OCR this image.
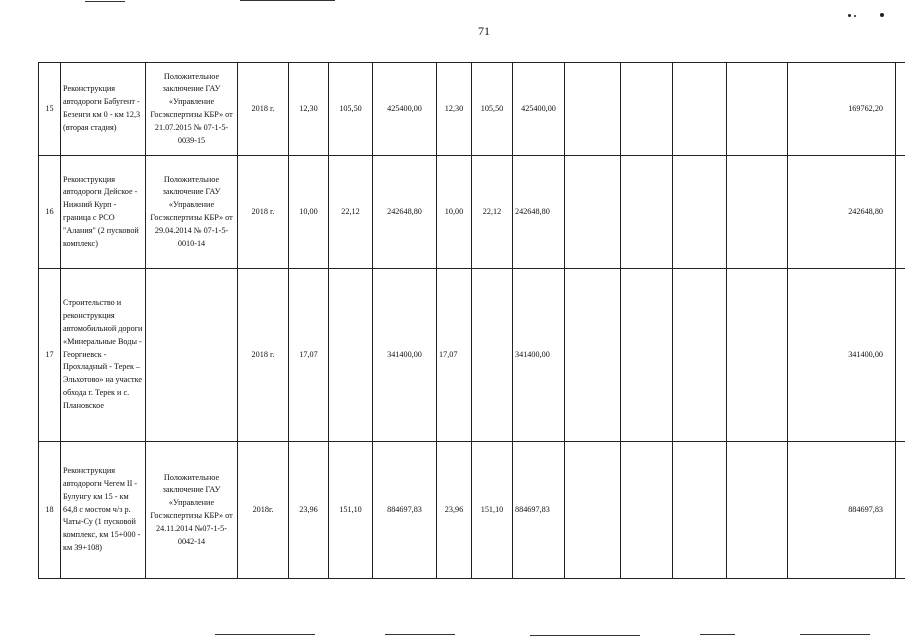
71
15	Реконструкция автодороги Бабугент - Безенги км 0 - км 12,3 (вторая стадия)	Положительное заключение ГАУ «Управление Госэкспертизы КБР» от 21.07.2015 № 07-1-5-0039-15	2018 г.	12,30	105,50	425400,00	12,30	105,50	425400,00					169762,20	
16	Реконструкция автодороги Дейское - Нижний Курп - граница с РСО "Алания" (2 пусковой комплекс)	Положительное заключение ГАУ «Управление Госэкспертизы КБР» от 29.04.2014 № 07-1-5-0010-14	2018 г.	10,00	22,12	242648,80	10,00	22,12	242648,80					242648,80	
17	Строительство и реконструкция автомобильной дороги «Минеральные Воды - Георгиевск - Прохладный - Терек – Эльхотово» на участке обхода г. Терек и с. Плановское		2018 г.	17,07		341400,00	17,07		341400,00					341400,00	
18	Реконструкция автодороги Чегем II - Булунгу км 15 - км 64,8 с мостом ч/з р. Чаты-Су (1 пусковой комплекс, км 15+000 - км 39+108)	Положительное заключение ГАУ «Управление Госэкспертизы КБР» от 24.11.2014 №07-1-5-0042-14	2018г.	23,96	151,10	884697,83	23,96	151,10	884697,83					884697,83	
